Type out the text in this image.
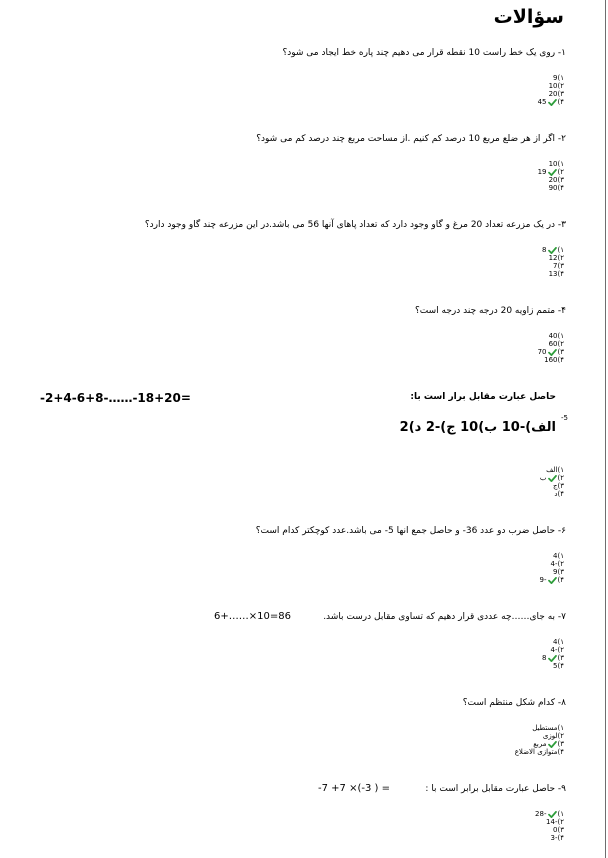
سؤالات
۱- روی یک خط راست 10 نقطه قرار می دهیم چند پاره خط ایجاد می شود؟
۱)
9
۲)
10
۳)
20
۴)
45
۲- اگر از هر ضلع مربع 10 درصد کم کنیم .از مساحت مربع چند درصد کم می شود؟
۱)
10
۲)
19
۳)
20
۴)
90
۳- در یک مزرعه تعداد 20 مرغ و گاو وجود دارد که تعداد پاهای آنها 56 می باشد.در این مزرعه چند گاو وجود دارد؟
۱)
8
۲)
12
۳)
7
۴)
13
۴- متمم زاویه 20 درجه چند درجه است؟
۱)
40
۲)
60
۳)
70
۴)
160
حاصل عبارت مقابل برار است با:
-2+4-6+8-……-18+20=
-5
الف)-10 ب)10 ج)-2 د)2
۱)
الف
۲)
ب
۳)
ج
۴)
د
۶- حاصل ضرب دو عدد 36- و حاصل جمع انها 5- می باشد.عدد کوچکتر کدام است؟
۱)
4
۲)
-4
۳)
9
۴)
-9
۷- به جای……چه عددی قرار دهیم که تساوی مقابل درست باشد.
6+……×10=86
۱)
4
۲)
-4
۳)
8
۴)
5
۸- کدام شکل منتظم است؟
۱)
مستطیل
۲)
لوزی
۳)
مربع
۴)
متوازی الاضلاع
۹- حاصل عبارت مقابل برابر است با :
-7 +7 ×(-3 ) =
۱)
-28
۲)
-14
۳)
0
۴)
-3
